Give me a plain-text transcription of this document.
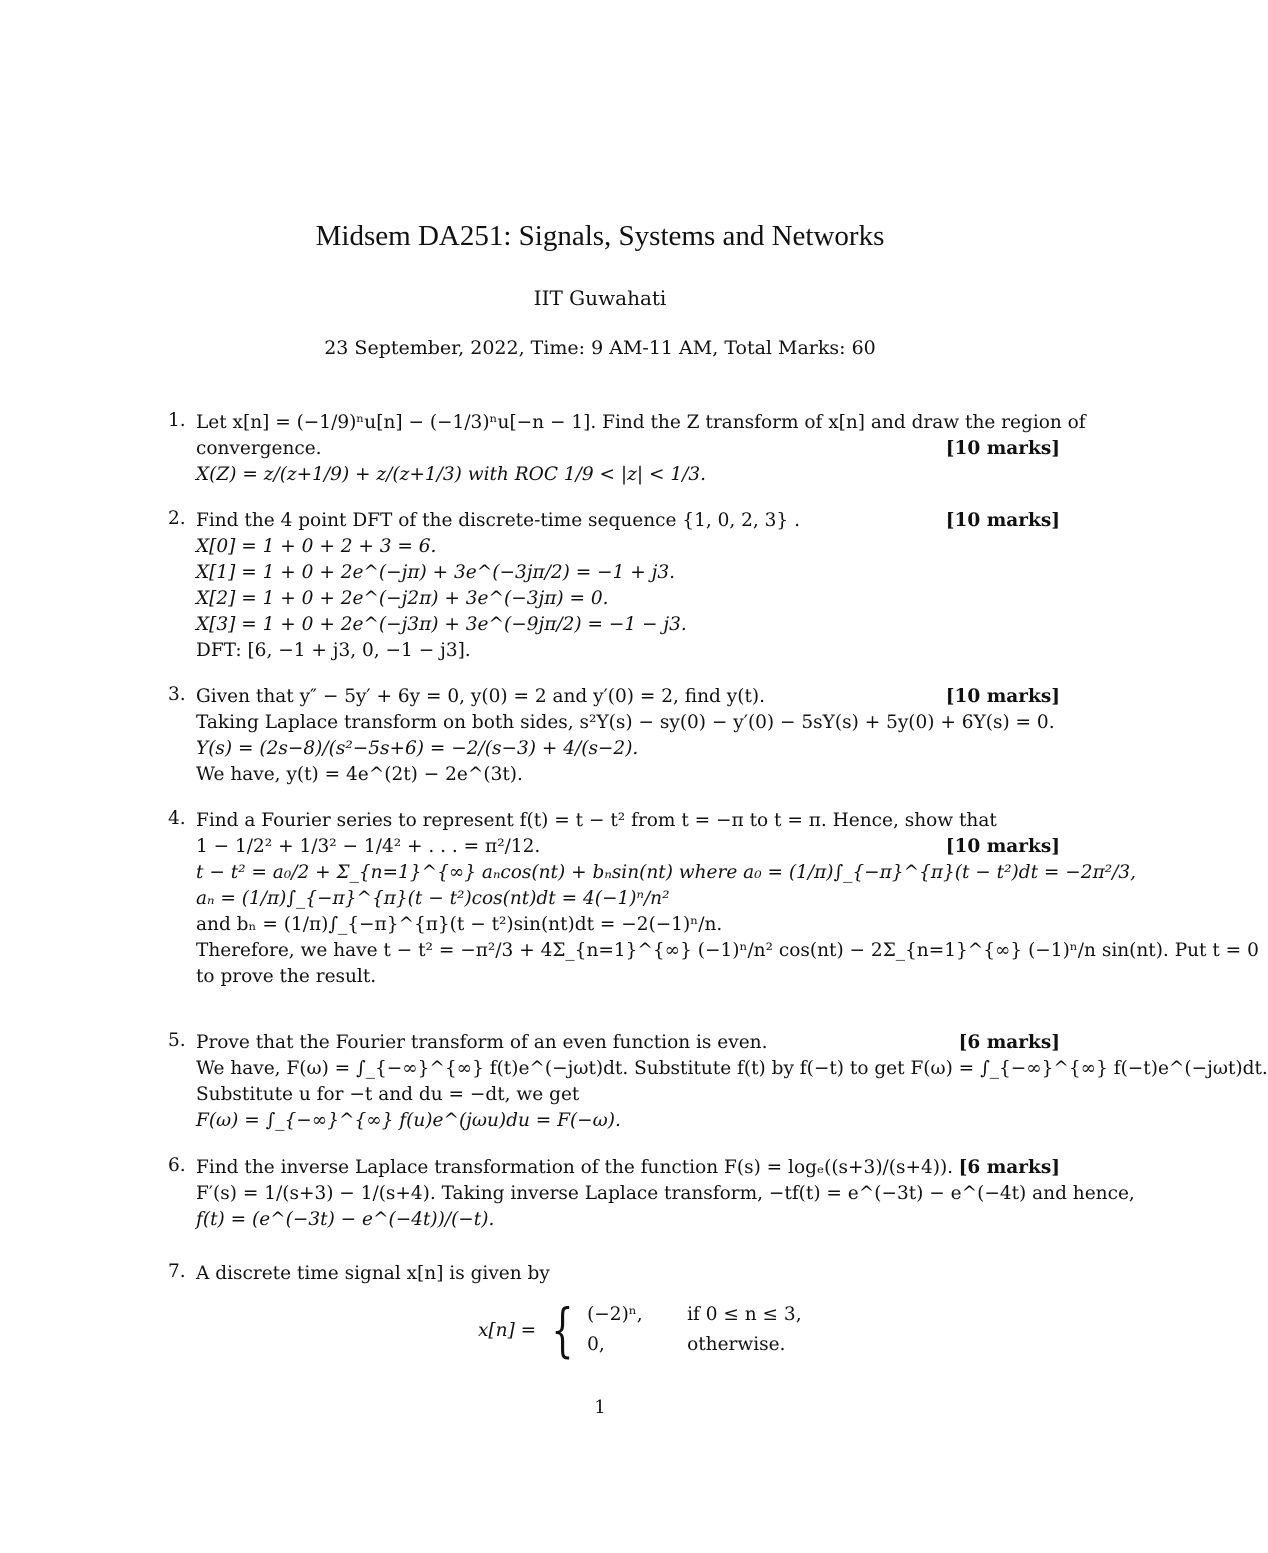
Midsem DA251: Signals, Systems and Networks
IIT Guwahati
23 September, 2022, Time: 9 AM-11 AM, Total Marks: 60
1. Let x[n] = (−1/9)ⁿu[n] − (−1/3)ⁿu[−n − 1]. Find the Z transform of x[n] and draw the region of
convergence.	[10 marks]
X(Z) = z/(z+1/9) + z/(z+1/3) with ROC 1/9 < |z| < 1/3.
2. Find the 4 point DFT of the discrete-time sequence {1, 0, 2, 3} .	[10 marks]
X[0] = 1 + 0 + 2 + 3 = 6.
X[1] = 1 + 0 + 2e^(−jπ) + 3e^(−3jπ/2) = −1 + j3.
X[2] = 1 + 0 + 2e^(−j2π) + 3e^(−3jπ) = 0.
X[3] = 1 + 0 + 2e^(−j3π) + 3e^(−9jπ/2) = −1 − j3.
DFT: [6, −1 + j3, 0, −1 − j3].
3. Given that y″ − 5y′ + 6y = 0, y(0) = 2 and y′(0) = 2, find y(t).	[10 marks]
Taking Laplace transform on both sides, s²Y(s) − sy(0) − y′(0) − 5sY(s) + 5y(0) + 6Y(s) = 0.
Y(s) = (2s−8)/(s²−5s+6) = −2/(s−3) + 4/(s−2).
We have, y(t) = 4e^(2t) − 2e^(3t).
4. Find a Fourier series to represent f(t) = t − t² from t = −π to t = π. Hence, show that
1 − 1/2² + 1/3² − 1/4² + . . . = π²/12.	[10 marks]
t − t² = a₀/2 + Σ_{n=1}^{∞} aₙcos(nt) + bₙsin(nt) where a₀ = (1/π)∫_{−π}^{π}(t − t²)dt = −2π²/3,
aₙ = (1/π)∫_{−π}^{π}(t − t²)cos(nt)dt = 4(−1)ⁿ/n²
and bₙ = (1/π)∫_{−π}^{π}(t − t²)sin(nt)dt = −2(−1)ⁿ/n.
Therefore, we have t − t² = −π²/3 + 4Σ_{n=1}^{∞} (−1)ⁿ/n² cos(nt) − 2Σ_{n=1}^{∞} (−1)ⁿ/n sin(nt). Put t = 0
to prove the result.
5. Prove that the Fourier transform of an even function is even.	[6 marks]
We have, F(ω) = ∫_{−∞}^{∞} f(t)e^(−jωt)dt. Substitute f(t) by f(−t) to get F(ω) = ∫_{−∞}^{∞} f(−t)e^(−jωt)dt.
Substitute u for −t and du = −dt, we get
F(ω) = ∫_{−∞}^{∞} f(u)e^(jωu)du = F(−ω).
6. Find the inverse Laplace transformation of the function F(s) = logₑ((s+3)/(s+4)). [6 marks]
F′(s) = 1/(s+3) − 1/(s+4). Taking inverse Laplace transform, −tf(t) = e^(−3t) − e^(−4t) and hence,
f(t) = (e^(−3t) − e^(−4t))/(−t).
7. A discrete time signal x[n] is given by
x[n] = { (−2)ⁿ,	if 0 ≤ n ≤ 3,
0,	otherwise.
1
